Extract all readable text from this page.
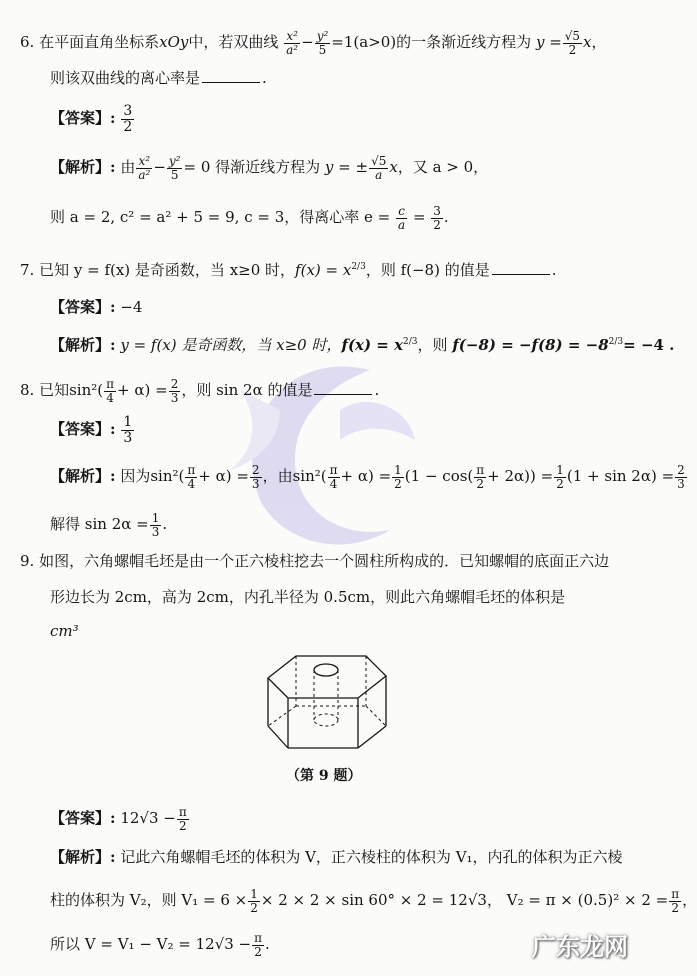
6. 在平面直角坐标系xOy中，若双曲线 $\frac{\text{x²}}{\text{a²}} - \frac{\text{y²}}{5} =1(a>0)$的一条渐近线方程为 $y = \frac{√5}{2}$ x，
则该双曲线的离心率是	.
【答案】: $\frac{3}{2}$
【解析】: 由 $\frac{\text{x²}}{\text{a²}} - \frac{\text{y²}}{5} = 0$ 得渐近线方程为 y = ± $\frac{√5}{a}$ x，又 a > 0，
则 a = 2, c² = a² + 5 = 9, c = 3，得离心率 $e = \frac{c}{a} = \frac{3}{2}$ .
7. 已知 y = f(x) 是奇函数，当 x≥0 时，$f(x) = x^{2/3}$，则 f(−8) 的值是	.
【答案】: −4
【解析】: y = f(x) 是奇函数，当 x≥0 时，$f(x) = x^{2/3}$，则 $f(-8) = -f(8) = -8^{2/3}= -4$ .
8. 已知$\sin^2( \frac{\pi}{4} + \alpha) = \frac{2}{3}$ ，则 sin 2α 的值是	.
【答案】: $\frac{1}{3}$
【解析】: 因为$\sin^2( \frac{\pi}{4} + \alpha) = \frac{2}{3}$ ，由$\sin^2( \frac{\pi}{4} + \alpha) = \frac{1}{2} (1 - \cos( \frac{\pi}{2} + 2\alpha)) = \frac{1}{2} (1 + \sin 2\alpha) = \frac{2}{3}$
解得 $\sin 2\alpha = \frac{1}{3}$ .
9. 如图，六角螺帽毛坯是由一个正六棱柱挖去一个圆柱所构成的．已知螺帽的底面正六边
形边长为 2cm，高为 2cm，内孔半径为 0.5cm，则此六角螺帽毛坯的体积是
cm³
（第 9 题）
【答案】: $12√3 - \frac{\pi}{2}$
【解析】: 记此六角螺帽毛坯的体积为 V，正六棱柱的体积为 V₁，内孔的体积为正六棱
柱的体积为 V₂，则 $V_1 = 6 \times \frac{1}{2} \times 2 \times 2 \times \sin 60^\circ \times 2 = 12√3$， $V_2 = \pi \times (0.5)^2 \times 2 = \frac{\pi}{2}$ ，
所以 $V = V_1 - V_2 = 12√3 - \frac{\pi}{2}$ .	广东龙网
